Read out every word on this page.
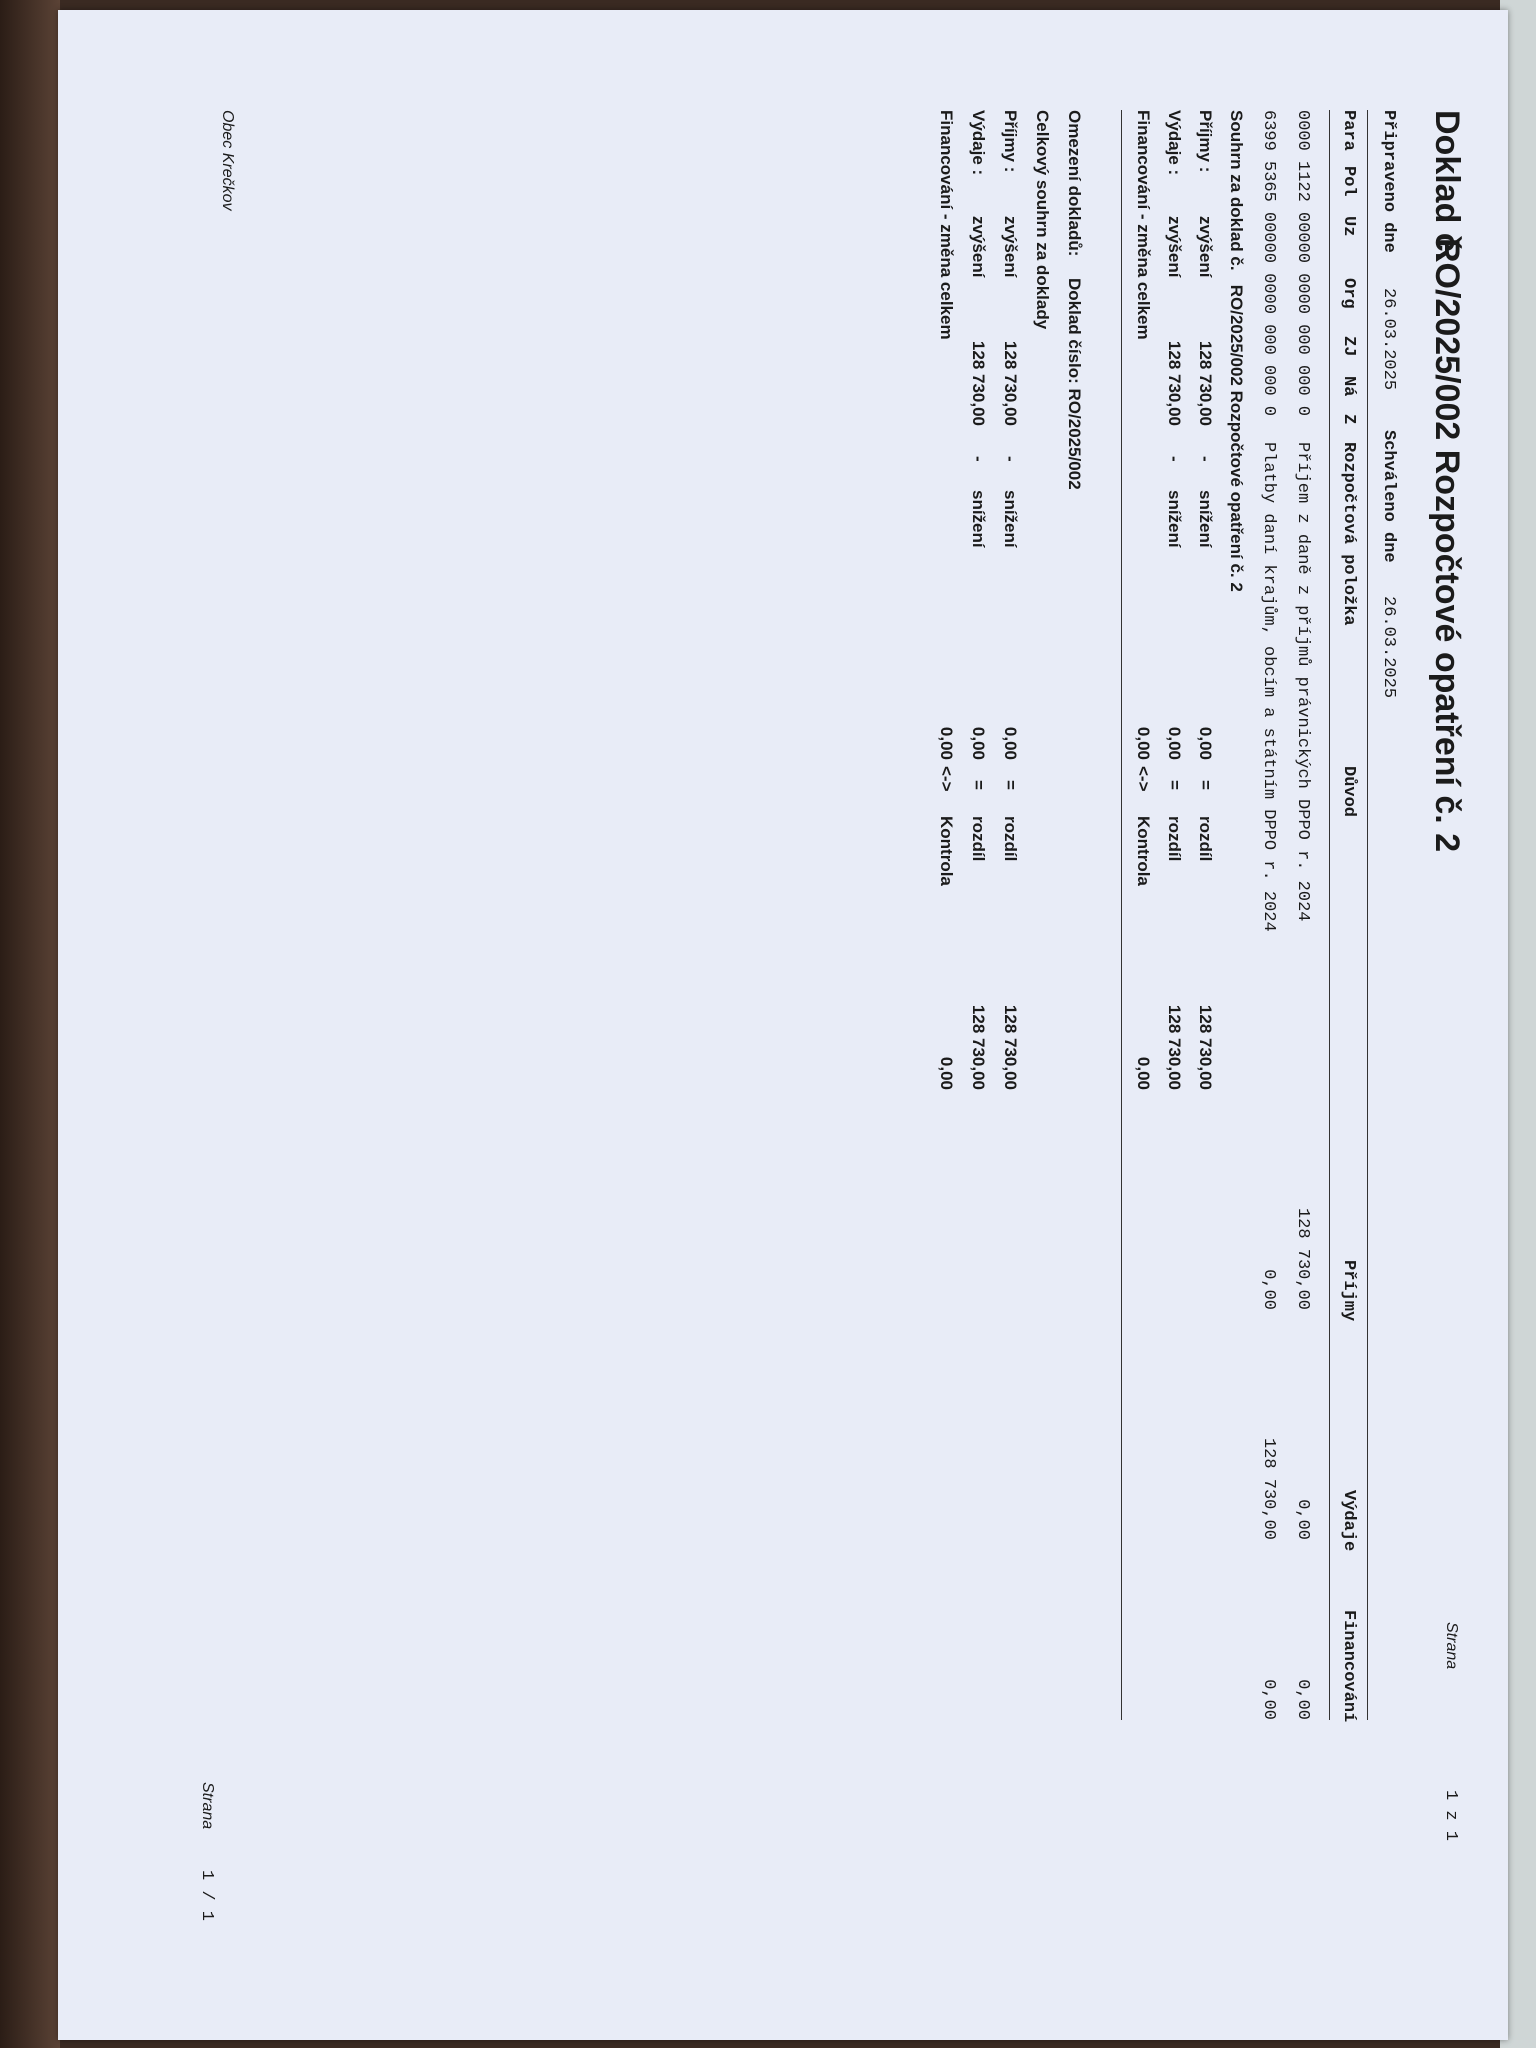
Doklad č.
RO/2025/002 Rozpočtové opatření č. 2
Strana
1 z 1
Připraveno dne
26.03.2025
Schváleno dne
26.03.2025
Para
Pol
Uz
Org
ZJ
Ná
Z
Rozpočtová položka
Důvod
Příjmy
Výdaje
Financování
0000 1122 00000 0000 000 000 0
Příjem z daně z příjmů právnických DPPO r. 2024
128 730,00
0,00
0,00
6399 5365 00000 0000 000 000 0
Platby daní krajům, obcím a státním DPPO r. 2024
0,00
128 730,00
0,00
Souhrn za doklad č.   RO/2025/002 Rozpočtové opatření č. 2
Příjmy :
zvýšení
128 730,00
-
snížení
0,00
=
rozdíl
128 730,00
Výdaje :
zvýšení
128 730,00
-
snížení
0,00
=
rozdíl
128 730,00
Financování - změna celkem
0,00
<->
Kontrola
0,00
Omezení dokladů:
Doklad číslo: RO/2025/002
Celkový souhrn za doklady
Příjmy :
zvýšení
128 730,00
-
snížení
0,00
=
rozdíl
128 730,00
Výdaje :
zvýšení
128 730,00
-
snížení
0,00
=
rozdíl
128 730,00
Financování - změna celkem
0,00
<->
Kontrola
0,00
Obec Krečkov
Strana
1 / 1
